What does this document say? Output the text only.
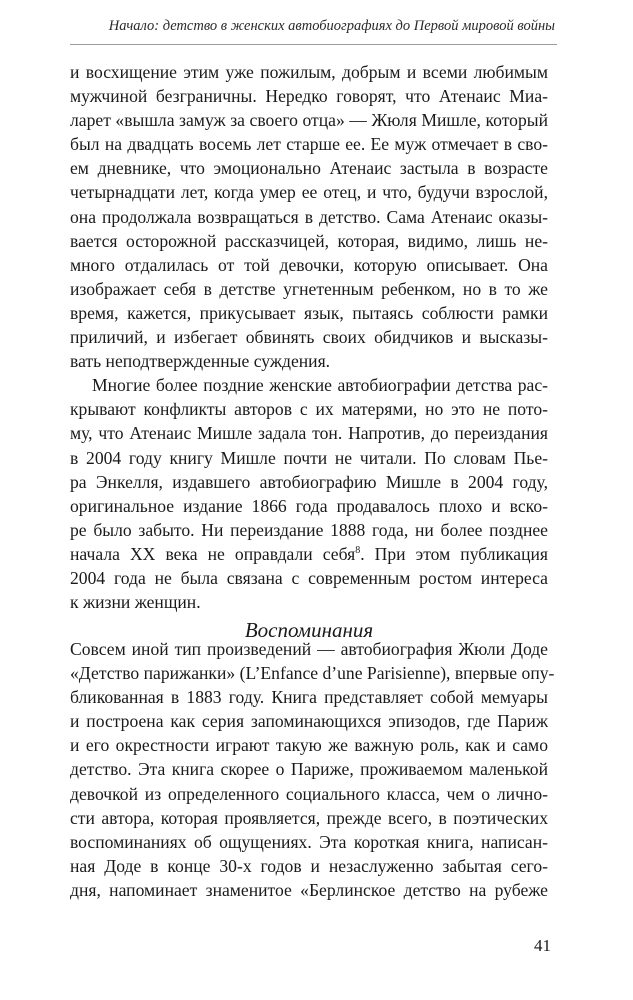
Начало: детство в женских автобиографиях до Первой мировой войны
и восхищение этим уже пожилым, добрым и всеми любимым
мужчиной безграничны. Нередко говорят, что Атенаис Миа-
ларет «вышла замуж за своего отца» — Жюля Мишле, который
был на двадцать восемь лет старше ее. Ее муж отмечает в сво-
ем дневнике, что эмоционально Атенаис застыла в возрасте
четырнадцати лет, когда умер ее отец, и что, будучи взрослой,
она продолжала возвращаться в детство. Сама Атенаис оказы-
вается осторожной рассказчицей, которая, видимо, лишь не-
много отдалилась от той девочки, которую описывает. Она
изображает себя в детстве угнетенным ребенком, но в то же
время, кажется, прикусывает язык, пытаясь соблюсти рамки
приличий, и избегает обвинять своих обидчиков и высказы-
вать неподтвержденные суждения.
Многие более поздние женские автобиографии детства рас-
крывают конфликты авторов с их матерями, но это не пото-
му, что Атенаис Мишле задала тон. Напротив, до переиздания
в 2004 году книгу Мишле почти не читали. По словам Пье-
ра Энкелля, издавшего автобиографию Мишле в 2004 году,
оригинальное издание 1866 года продавалось плохо и вско-
ре было забыто. Ни переиздание 1888 года, ни более позднее
начала XX века не оправдали себя$^8$. При этом публикация
2004 года не была связана с современным ростом интереса
к жизни женщин.
Воспоминания
Совсем иной тип произведений — автобиография Жюли Доде
«Детство парижанки» (L’Enfance d’une Parisienne), впервые опу-
бликованная в 1883 году. Книга представляет собой мемуары
и построена как серия запоминающихся эпизодов, где Париж
и его окрестности играют такую же важную роль, как и само
детство. Эта книга скорее о Париже, проживаемом маленькой
девочкой из определенного социального класса, чем о лично-
сти автора, которая проявляется, прежде всего, в поэтических
воспоминаниях об ощущениях. Эта короткая книга, написан-
ная Доде в конце 30-х годов и незаслуженно забытая сего-
дня, напоминает знаменитое «Берлинское детство на рубеже
41
